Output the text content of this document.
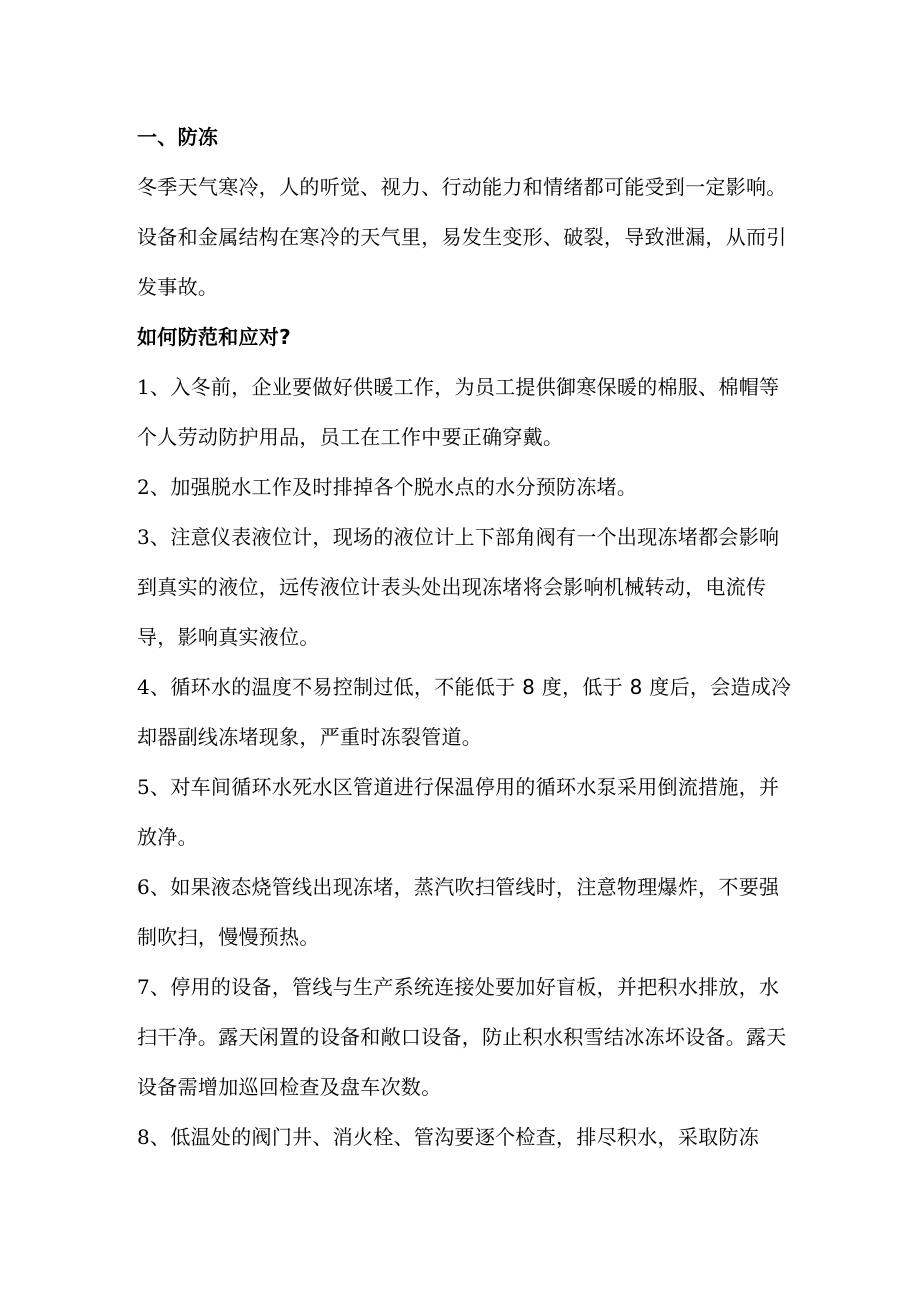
一、防冻

冬季天气寒冷，人的听觉、视力、行动能力和情绪都可能受到一定影响。设备和金属结构在寒冷的天气里，易发生变形、破裂，导致泄漏，从而引发事故。

如何防范和应对?

1、入冬前，企业要做好供暖工作，为员工提供御寒保暖的棉服、棉帽等个人劳动防护用品，员工在工作中要正确穿戴。

2、加强脱水工作及时排掉各个脱水点的水分预防冻堵。

3、注意仪表液位计，现场的液位计上下部角阀有一个出现冻堵都会影响到真实的液位，远传液位计表头处出现冻堵将会影响机械转动，电流传导，影响真实液位。

4、循环水的温度不易控制过低，不能低于 8 度，低于 8 度后，会造成冷却器副线冻堵现象，严重时冻裂管道。

5、对车间循环水死水区管道进行保温停用的循环水泵采用倒流措施，并放净。

6、如果液态烧管线出现冻堵，蒸汽吹扫管线时，注意物理爆炸，不要强制吹扫，慢慢预热。

7、停用的设备，管线与生产系统连接处要加好盲板，并把积水排放，水扫干净。露天闲置的设备和敞口设备，防止积水积雪结冰冻坏设备。露天设备需增加巡回检查及盘车次数。

8、低温处的阀门井、消火栓、管沟要逐个检查，排尽积水，采取防冻
